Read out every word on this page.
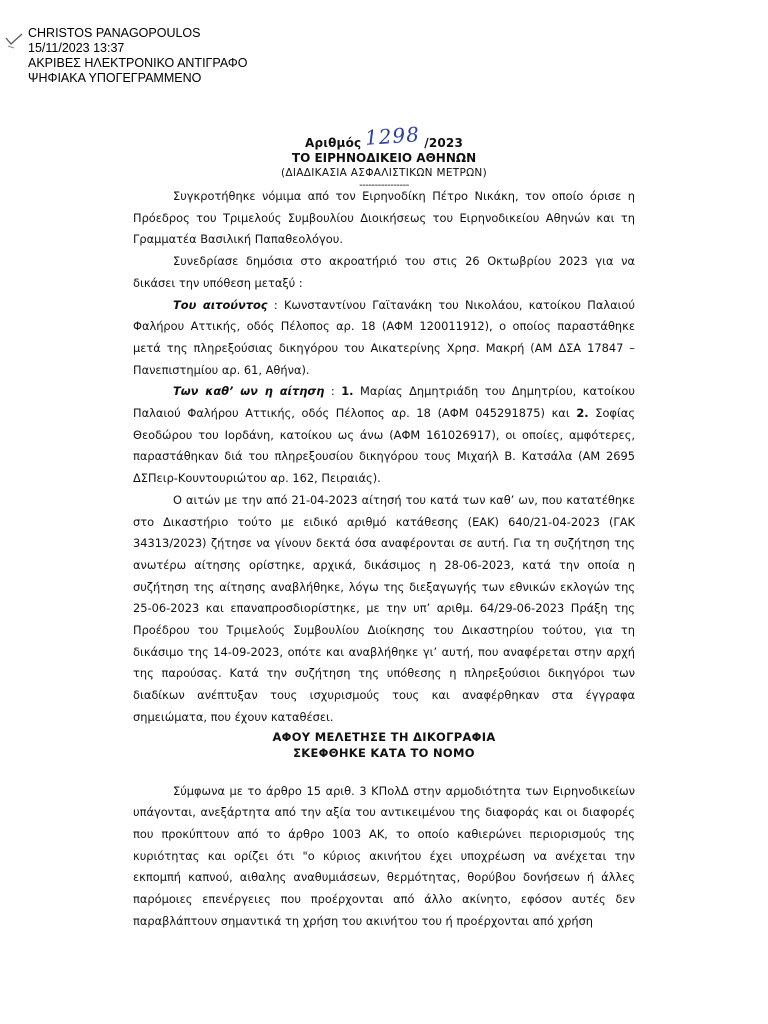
CHRISTOS PANAGOPOULOS
15/11/2023 13:37
ΑΚΡΙΒΕΣ ΗΛΕΚΤΡΟΝΙΚΟ ΑΝΤΙΓΡΑΦΟ
ΨΗΦΙΑΚΑ ΥΠΟΓΕΓΡΑΜΜΕΝΟ
Αριθμός 1298 /2023
ΤΟ ΕΙΡΗΝΟΔΙΚΕΙΟ ΑΘΗΝΩΝ
(ΔΙΑΔΙΚΑΣΙΑ ΑΣΦΑΛΙΣΤΙΚΩΝ ΜΕΤΡΩΝ)
----------------

Συγκροτήθηκε νόμιμα από τον Ειρηνοδίκη Πέτρο Νικάκη, τον οποίο όρισε η Πρόεδρος του Τριμελούς Συμβουλίου Διοικήσεως του Ειρηνοδικείου Αθηνών και τη Γραμματέα Βασιλική Παπαθεολόγου.

Συνεδρίασε δημόσια στο ακροατήριό του στις 26 Οκτωβρίου 2023 για να δικάσει την υπόθεση μεταξύ :

Του αιτούντος : Κωνσταντίνου Γαϊτανάκη του Νικολάου, κατοίκου Παλαιού Φαλήρου Αττικής, οδός Πέλοπος αρ. 18 (ΑΦΜ 120011912), ο οποίος παραστάθηκε μετά της πληρεξούσιας δικηγόρου του Αικατερίνης Χρησ. Μακρή (ΑΜ ΔΣΑ 17847 – Πανεπιστημίου αρ. 61, Αθήνα).

Των καθ’ ων η αίτηση : 1. Μαρίας Δημητριάδη του Δημητρίου, κατοίκου Παλαιού Φαλήρου Αττικής, οδός Πέλοπος αρ. 18 (ΑΦΜ 045291875) και 2. Σοφίας Θεοδώρου του Ιορδάνη, κατοίκου ως άνω (ΑΦΜ 161026917), οι οποίες, αμφότερες, παραστάθηκαν διά του πληρεξουσίου δικηγόρου τους Μιχαήλ Β. Κατσάλα (ΑΜ 2695 ΔΣΠειρ-Κουντουριώτου αρ. 162, Πειραιάς).

Ο αιτών με την από 21-04-2023 αίτησή του κατά των καθ’ ων, που κατατέθηκε στο Δικαστήριο τούτο με ειδικό αριθμό κατάθεσης (ΕΑΚ) 640/21-04-2023 (ΓΑΚ 34313/2023) ζήτησε να γίνουν δεκτά όσα αναφέρονται σε αυτή. Για τη συζήτηση της ανωτέρω αίτησης ορίστηκε, αρχικά, δικάσιμος η 28-06-2023, κατά την οποία η συζήτηση της αίτησης αναβλήθηκε, λόγω της διεξαγωγής των εθνικών εκλογών της 25-06-2023 και επαναπροσδιορίστηκε, με την υπ’ αριθμ. 64/29-06-2023 Πράξη της Προέδρου του Τριμελούς Συμβουλίου Διοίκησης του Δικαστηρίου τούτου, για τη δικάσιμο της 14-09-2023, οπότε και αναβλήθηκε γι’ αυτή, που αναφέρεται στην αρχή της παρούσας. Κατά την συζήτηση της υπόθεσης η πληρεξούσιοι δικηγόροι των διαδίκων ανέπτυξαν τους ισχυρισμούς τους και αναφέρθηκαν στα έγγραφα σημειώματα, που έχουν καταθέσει.

ΑΦΟΥ ΜΕΛΕΤΗΣΕ ΤΗ ΔΙΚΟΓΡΑΦΙΑ

ΣΚΕΦΘΗΚΕ ΚΑΤΑ ΤΟ ΝΟΜΟ

Σύμφωνα με το άρθρο 15 αριθ. 3 ΚΠολΔ στην αρμοδιότητα των Ειρηνοδικείων υπάγονται, ανεξάρτητα από την αξία του αντικειμένου της διαφοράς και οι διαφορές που προκύπτουν από το άρθρο 1003 ΑΚ, το οποίο καθιερώνει περιορισμούς της κυριότητας και ορίζει ότι "ο κύριος ακινήτου έχει υποχρέωση να ανέχεται την εκπομπή καπνού, αιθαλης αναθυμιάσεων, θερμότητας, θορύβου δονήσεων ή άλλες παρόμοιες επενέργειες που προέρχονται από άλλο ακίνητο, εφόσον αυτές δεν παραβλάπτουν σημαντικά τη χρήση του ακινήτου του ή προέρχονται από χρήση
